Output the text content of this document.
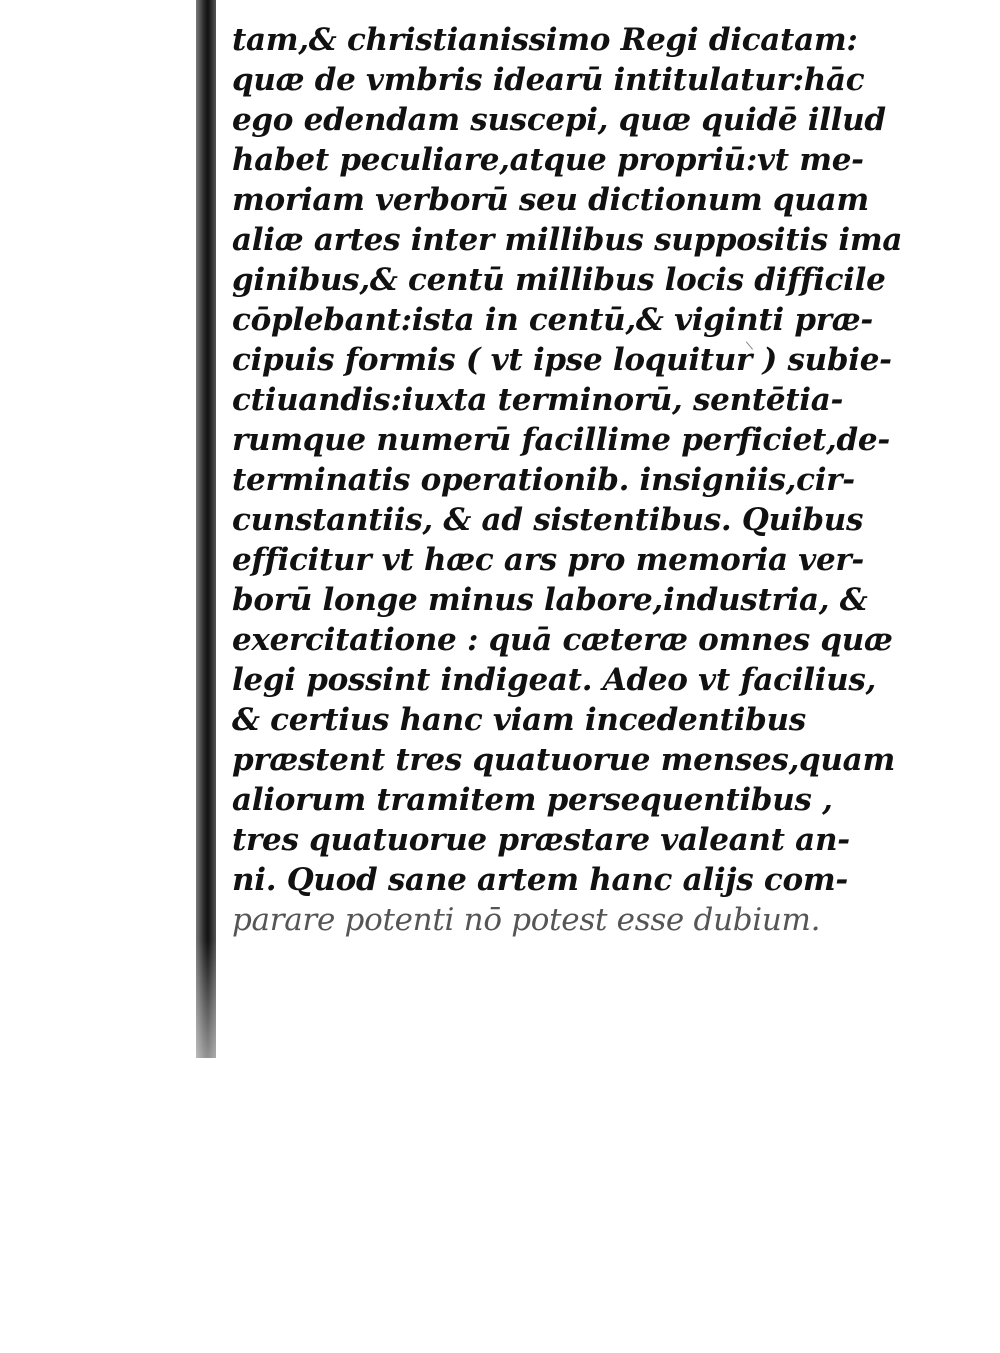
tam,& christianissimo Regi dicatam:
quæ de vmbris idearū intitulatur:hāc
ego edendam suscepi, quæ quidē illud
habet peculiare,atque propriū:vt me-
moriam verborū seu dictionum quam
aliæ artes inter millibus suppositis ima
ginibus,& centū millibus locis difficile
cōplebant:ista in centū,& viginti præ-
cipuis formis ( vt ipse loquitur ) subie-
ctiuandis:iuxta terminorū, sentētia-
rumque numerū facillime perficiet,de-
terminatis operationib. insigniis,cir-
cunstantiis, & ad sistentibus. Quibus
efficitur vt hæc ars pro memoria ver-
borū longe minus labore,industria, &
exercitatione : quā cæteræ omnes quæ
legi possint indigeat. Adeo vt facilius,
& certius hanc viam incedentibus
præstent tres quatuorue menses,quam
aliorum tramitem persequentibus ,
tres quatuorue præstare valeant an-
ni. Quod sane artem hanc alijs com-
parare potenti nō potest esse dubium.
